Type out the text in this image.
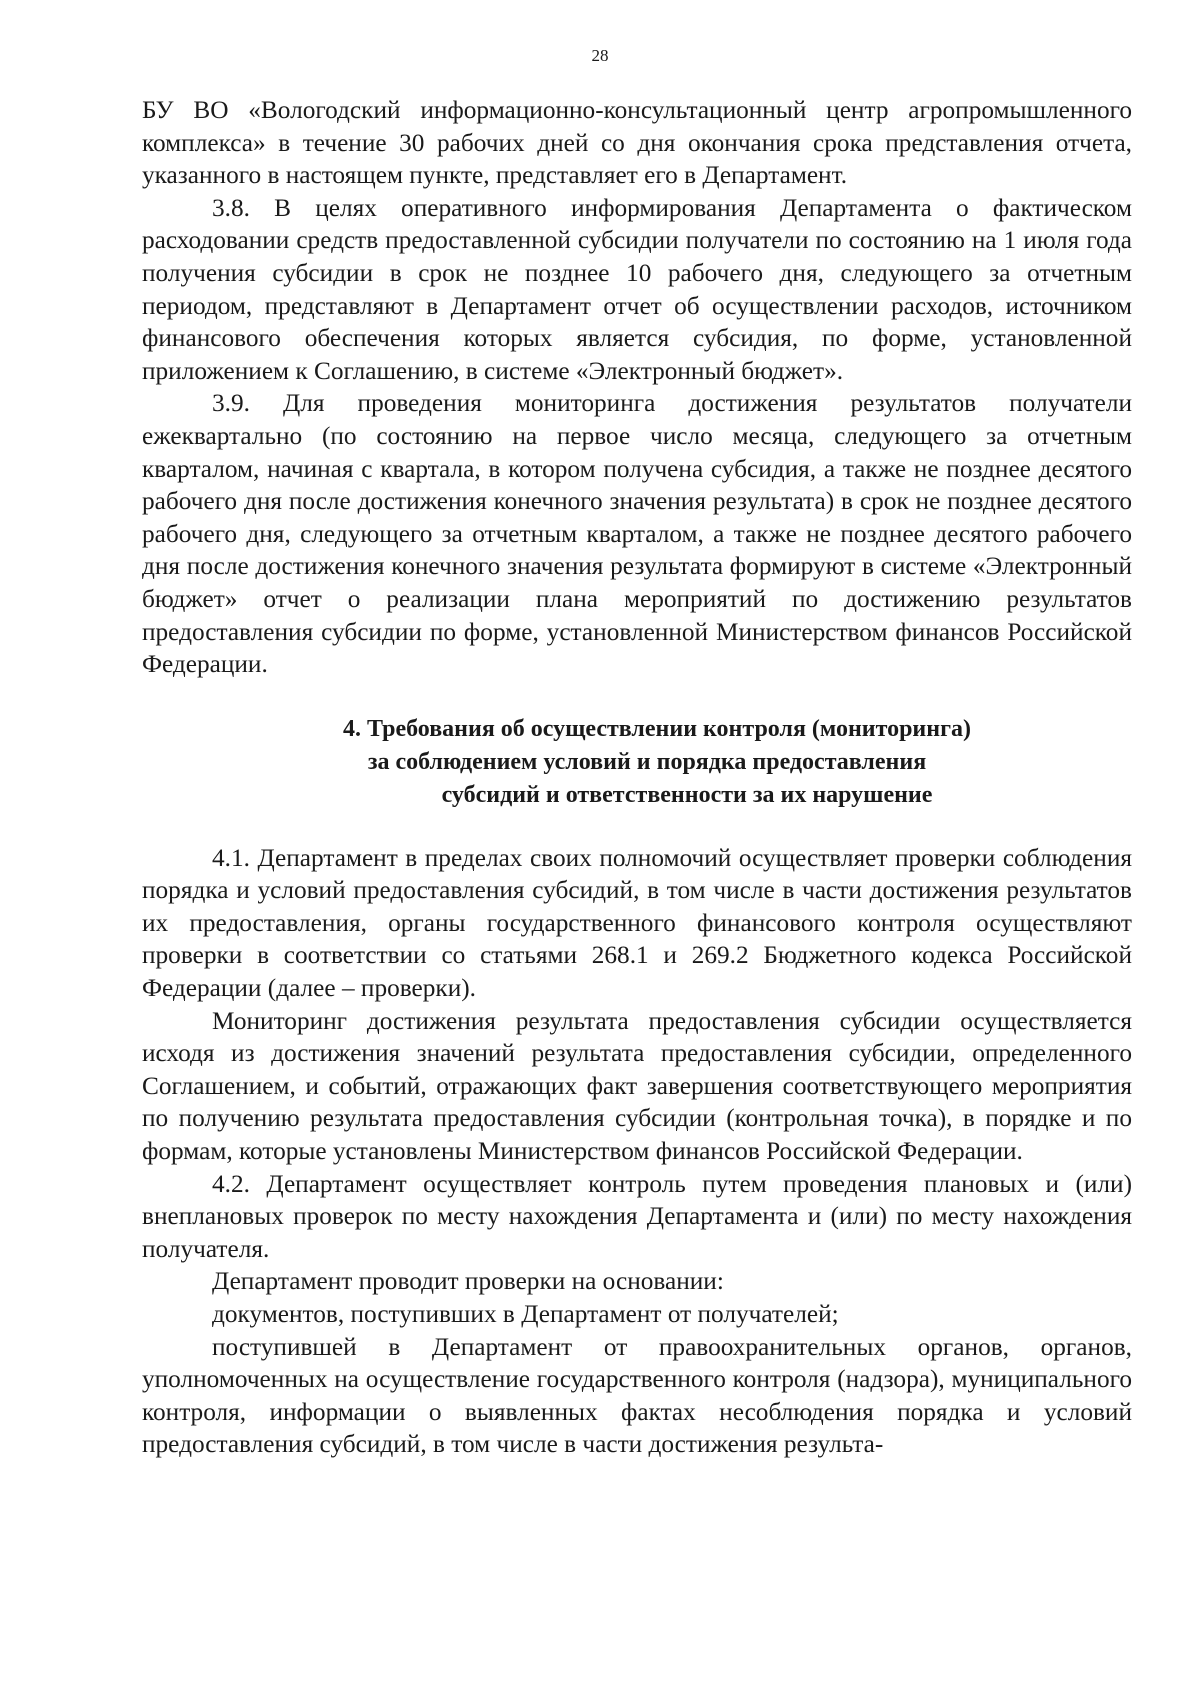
28

БУ ВО «Вологодский информационно-консультационный центр агропромышленного комплекса» в течение 30 рабочих дней со дня окончания срока представления отчета, указанного в настоящем пункте, представляет его в Департамент.

3.8. В целях оперативного информирования Департамента о фактическом расходовании средств предоставленной субсидии получатели по состоянию на 1 июля года получения субсидии в срок не позднее 10 рабочего дня, следующего за отчетным периодом, представляют в Департамент отчет об осуществлении расходов, источником финансового обеспечения которых является субсидия, по форме, установленной приложением к Соглашению, в системе «Электронный бюджет».

3.9. Для проведения мониторинга достижения результатов получатели ежеквартально (по состоянию на первое число месяца, следующего за отчетным кварталом, начиная с квартала, в котором получена субсидия, а также не позднее десятого рабочего дня после достижения конечного значения результата) в срок не позднее десятого рабочего дня, следующего за отчетным кварталом, а также не позднее десятого рабочего дня после достижения конечного значения результата формируют в системе «Электронный бюджет» отчет о реализации плана мероприятий по достижению результатов предоставления субсидии по форме, установленной Министерством финансов Российской Федерации.

4. Требования об осуществлении контроля (мониторинга)
за соблюдением условий и порядка предоставления
субсидий и ответственности за их нарушение

4.1. Департамент в пределах своих полномочий осуществляет проверки соблюдения порядка и условий предоставления субсидий, в том числе в части достижения результатов их предоставления, органы государственного финансового контроля осуществляют проверки в соответствии со статьями 268.1 и 269.2 Бюджетного кодекса Российской Федерации (далее – проверки).

Мониторинг достижения результата предоставления субсидии осуществляется исходя из достижения значений результата предоставления субсидии, определенного Соглашением, и событий, отражающих факт завершения соответствующего мероприятия по получению результата предоставления субсидии (контрольная точка), в порядке и по формам, которые установлены Министерством финансов Российской Федерации.

4.2. Департамент осуществляет контроль путем проведения плановых и (или) внеплановых проверок по месту нахождения Департамента и (или) по месту нахождения получателя.

Департамент проводит проверки на основании:

документов, поступивших в Департамент от получателей;

поступившей в Департамент от правоохранительных органов, органов, уполномоченных на осуществление государственного контроля (надзора), муниципального контроля, информации о выявленных фактах несоблюдения порядка и условий предоставления субсидий, в том числе в части достижения результа-
